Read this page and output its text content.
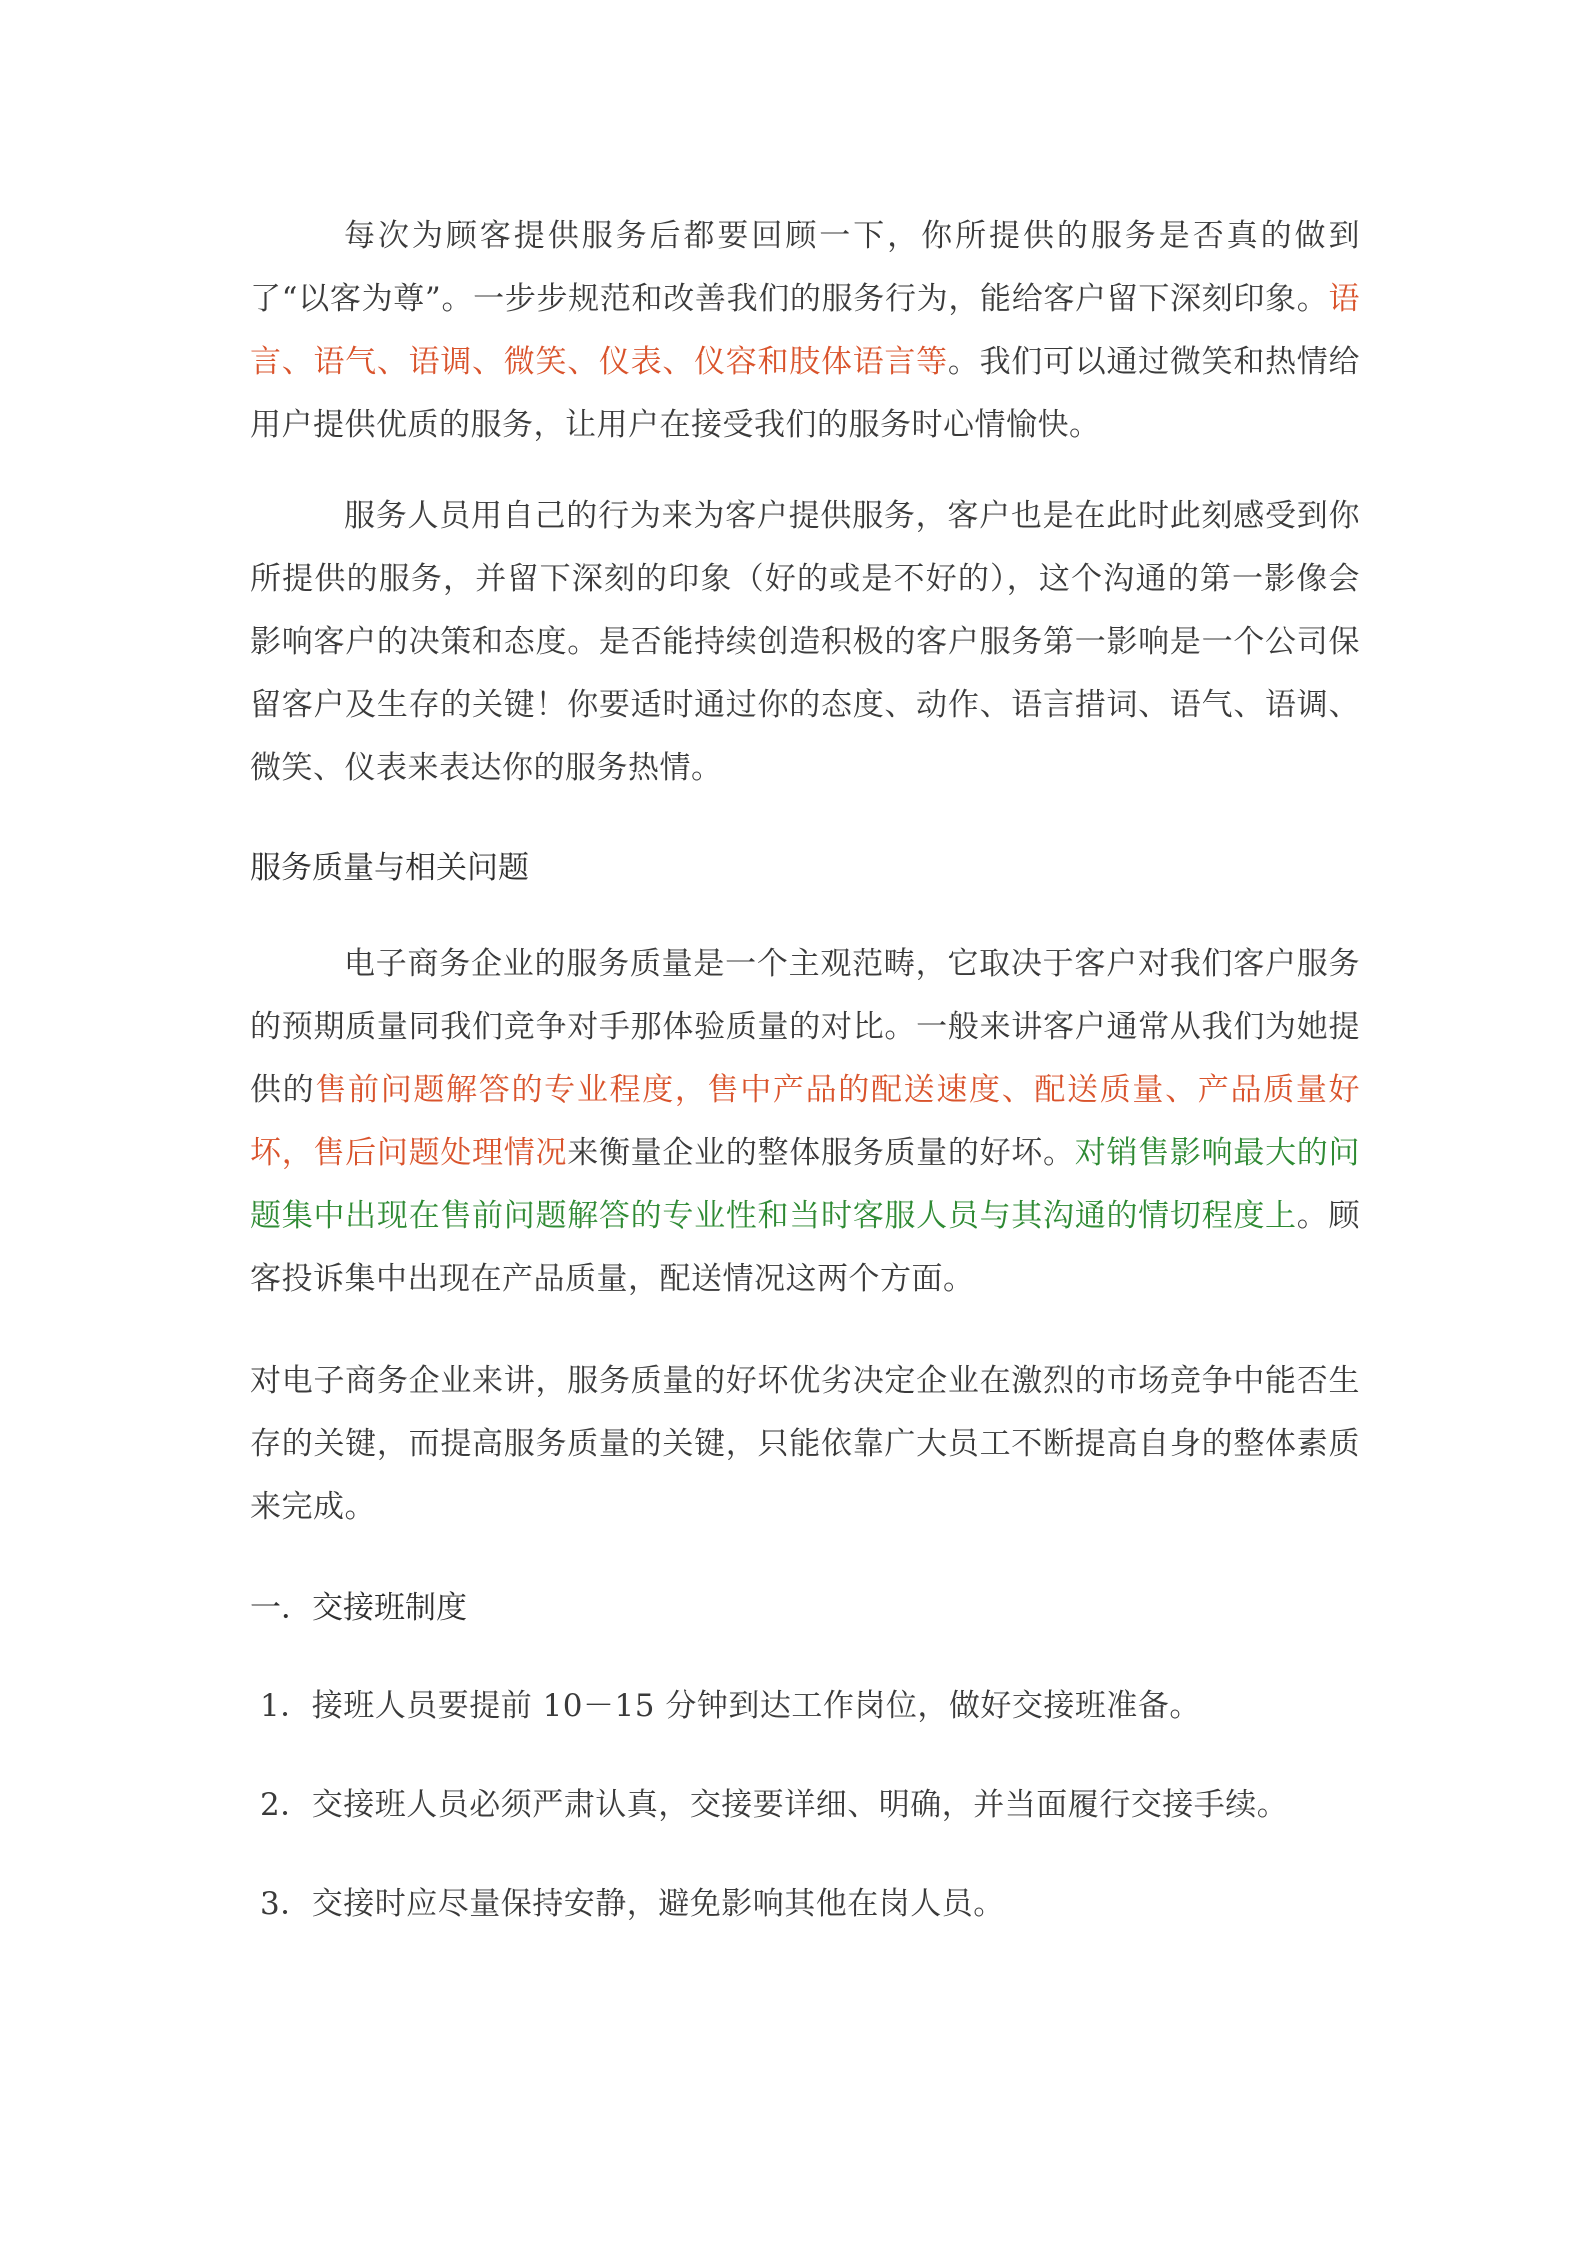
每次为顾客提供服务后都要回顾一下，你所提供的服务是否真的做到了“以客为尊”。一步步规范和改善我们的服务行为，能给客户留下深刻印象。语言、语气、语调、微笑、仪表、仪容和肢体语言等。我们可以通过微笑和热情给用户提供优质的服务，让用户在接受我们的服务时心情愉快。

服务人员用自己的行为来为客户提供服务，客户也是在此时此刻感受到你所提供的服务，并留下深刻的印象（好的或是不好的），这个沟通的第一影像会影响客户的决策和态度。是否能持续创造积极的客户服务第一影响是一个公司保留客户及生存的关键！你要适时通过你的态度、动作、语言措词、语气、语调、微笑、仪表来表达你的服务热情。

服务质量与相关问题

电子商务企业的服务质量是一个主观范畴，它取决于客户对我们客户服务的预期质量同我们竞争对手那体验质量的对比。一般来讲客户通常从我们为她提供的售前问题解答的专业程度，售中产品的配送速度、配送质量、产品质量好坏，售后问题处理情况来衡量企业的整体服务质量的好坏。对销售影响最大的问题集中出现在售前问题解答的专业性和当时客服人员与其沟通的情切程度上。顾客投诉集中出现在产品质量，配送情况这两个方面。

对电子商务企业来讲，服务质量的好坏优劣决定企业在激烈的市场竞争中能否生存的关键，而提高服务质量的关键，只能依靠广大员工不断提高自身的整体素质来完成。

一．交接班制度

1．接班人员要提前 10－15 分钟到达工作岗位，做好交接班准备。

2．交接班人员必须严肃认真，交接要详细、明确，并当面履行交接手续。

3．交接时应尽量保持安静，避免影响其他在岗人员。
